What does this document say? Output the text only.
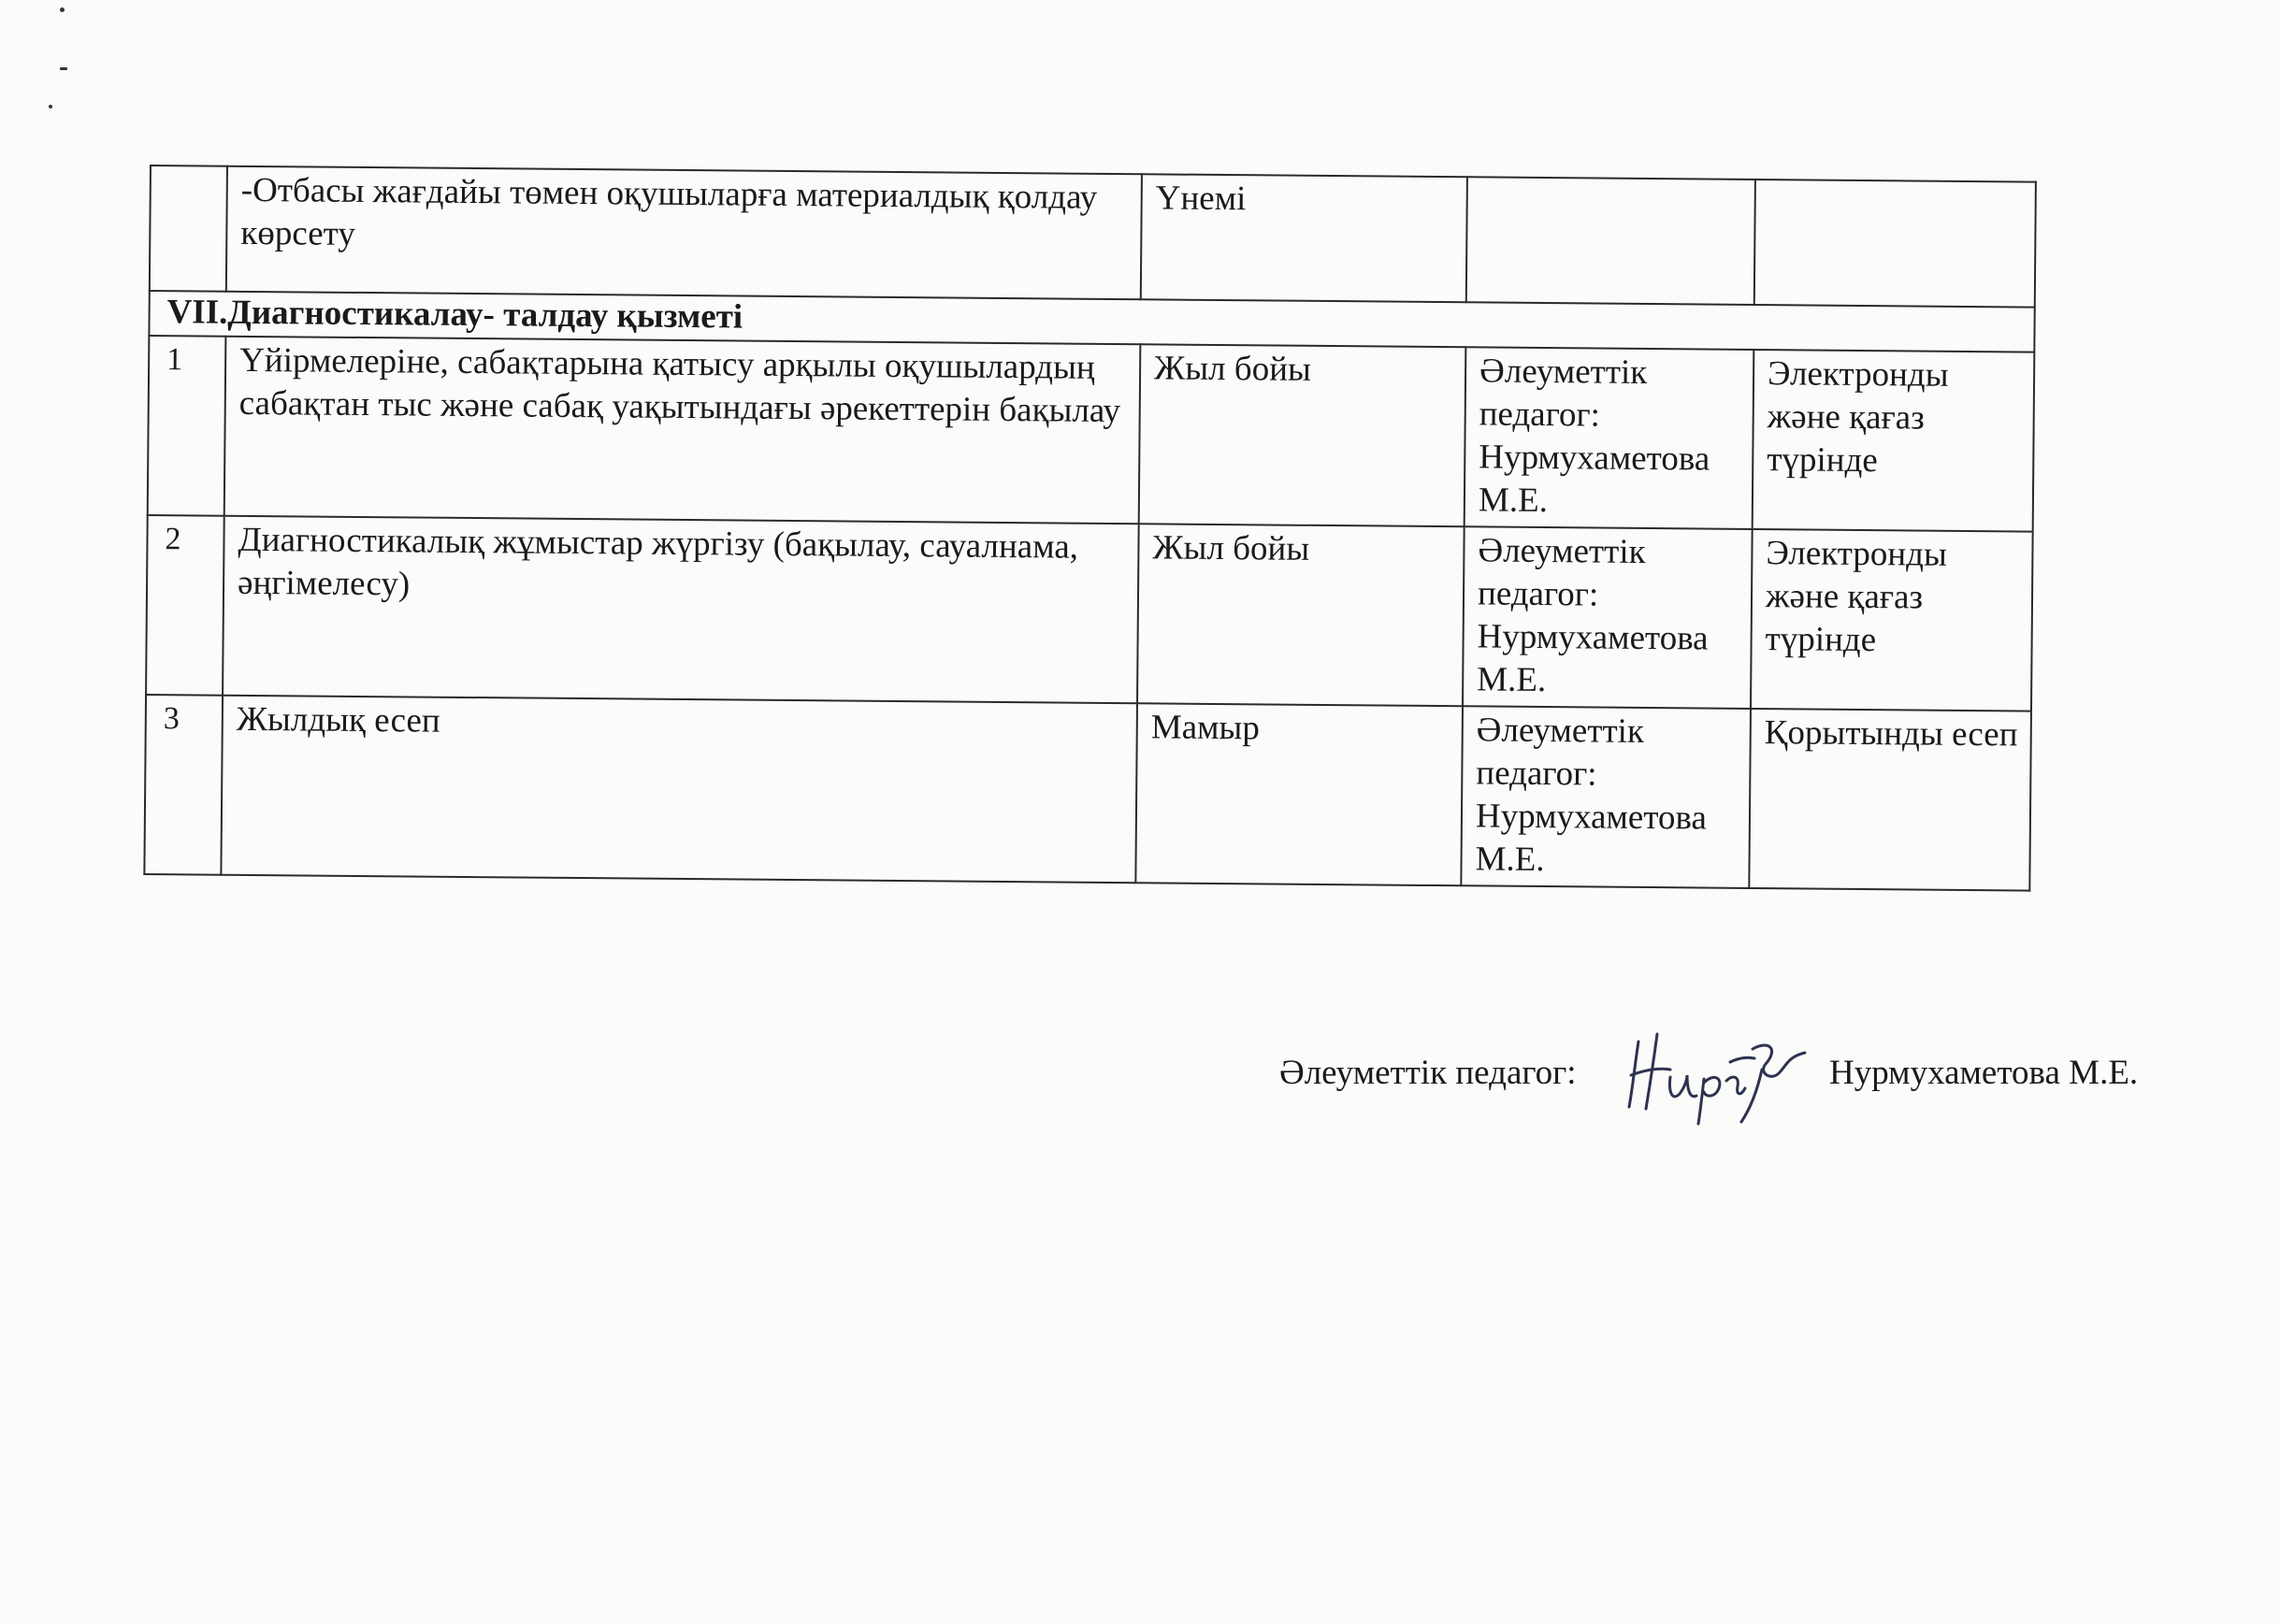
	-Отбасы жағдайы төмен оқушыларға материалдық қолдау көрсету	Үнемі		
VII.Диагностикалау- талдау қызметі				
1	Үйірмелеріне, сабақтарына қатысу арқылы оқушылардың сабақтан тыс және сабақ уақытындағы әрекеттерін бақылау	Жыл бойы	Әлеуметтік педагог: Нурмухаметова М.Е.	Электронды және қағаз түрінде
2	Диагностикалық жұмыстар жүргізу (бақылау, сауалнама, әңгімелесу)	Жыл бойы	Әлеуметтік педагог: Нурмухаметова М.Е.	Электронды және қағаз түрінде
3	Жылдық есеп	Мамыр	Әлеуметтік педагог: Нурмухаметова М.Е.	Қорытынды есеп
Әлеуметтік педагог:	Нурмухаметова М.Е.
